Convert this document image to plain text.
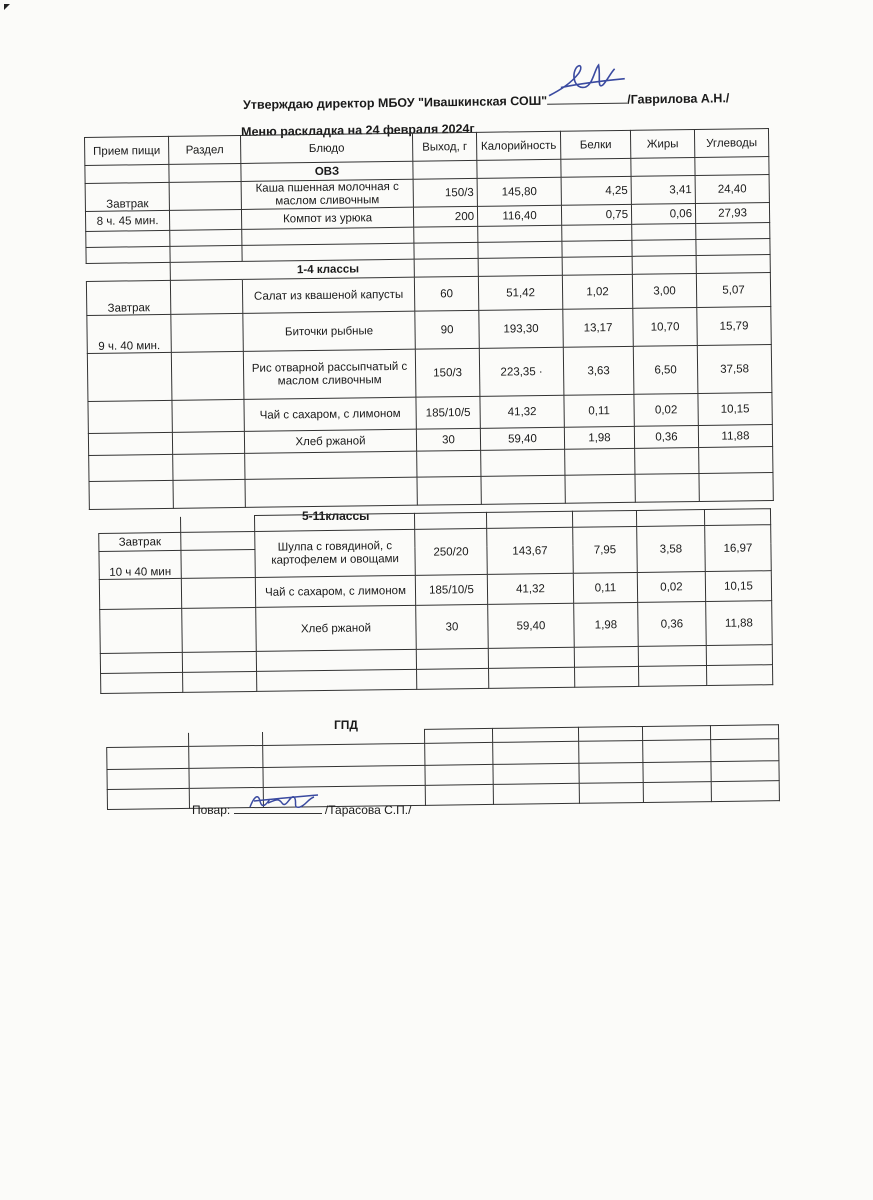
Утверждаю директор МБОУ "Ивашкинская СОШ"	/Гаврилова А.Н./
Меню раскладка на 24 февраля 2024г
Прием пищи	Раздел	Блюдо	Выход, г	Калорийность	Белки	Жиры	Углеводы
		ОВЗ					
Завтрак		Каша пшенная молочная с маслом сливочным	150/3	145,80	4,25	3,41	24,40
8 ч. 45 мин.		Компот из урюка	200	116,40	0,75	0,06	27,93

		1-4 классы					
Завтрак		Салат из квашеной капусты	60	51,42	1,02	3,00	5,07
9 ч. 40 мин.		Биточки рыбные	90	193,30	13,17	10,70	15,79
		Рис отварной рассыпчатый с маслом сливочным	150/3	223,35 ·	3,63	6,50	37,58
		Чай с сахаром, с лимоном	185/10/5	41,32	0,11	0,02	10,15
		Хлеб ржаной	30	59,40	1,98	0,36	11,88

5-11классы

Завтрак		Шулпа с говядиной, с картофелем и овощами	250/20	143,67	7,95	3,58	16,97
10 ч 40 мин							
		Чай с сахаром, с лимоном	185/10/5	41,32	0,11	0,02	10,15
		Хлеб ржаной	30	59,40	1,98	0,36	11,88

ГПД

Повар:	/Тарасова С.П./
